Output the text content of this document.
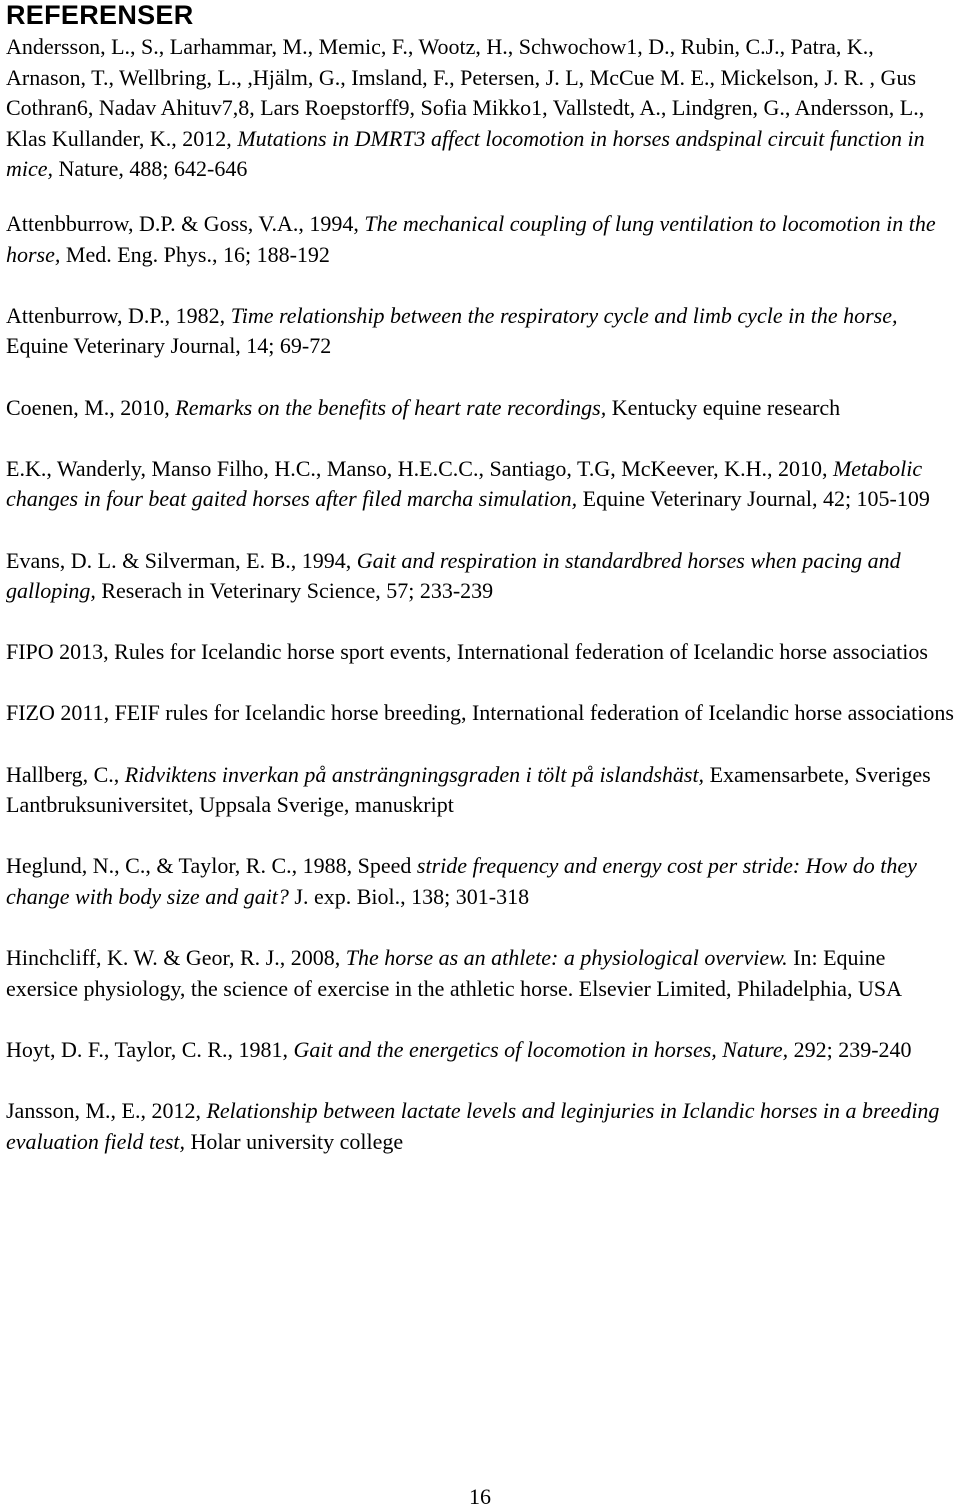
REFERENSER

Andersson, L., S., Larhammar, M., Memic, F., Wootz, H., Schwochow1, D., Rubin, C.J., Patra, K., Arnason, T., Wellbring, L., ,Hjälm, G., Imsland, F., Petersen, J. L, McCue M. E., Mickelson, J. R. , Gus Cothran6, Nadav Ahituv7,8, Lars Roepstorff9, Sofia Mikko1, Vallstedt, A., Lindgren, G., Andersson, L., Klas Kullander, K., 2012, Mutations in DMRT3 affect locomotion in horses andspinal circuit function in mice, Nature, 488; 642-646

Attenbburrow, D.P. & Goss, V.A., 1994, The mechanical coupling of lung ventilation to locomotion in the horse, Med. Eng. Phys., 16; 188-192

Attenburrow, D.P., 1982, Time relationship between the respiratory cycle and limb cycle in the horse, Equine Veterinary Journal, 14; 69-72

Coenen, M., 2010, Remarks on the benefits of heart rate recordings, Kentucky equine research

E.K., Wanderly, Manso Filho, H.C., Manso, H.E.C.C., Santiago, T.G, McKeever, K.H., 2010, Metabolic changes in four beat gaited horses after filed marcha simulation, Equine Veterinary Journal, 42; 105-109

Evans, D. L. & Silverman, E. B., 1994, Gait and respiration in standardbred horses when pacing and galloping, Reserach in Veterinary Science, 57; 233-239

FIPO 2013, Rules for Icelandic horse sport events, International federation of Icelandic horse associatios

FIZO 2011, FEIF rules for Icelandic horse breeding, International federation of Icelandic horse associations

Hallberg, C., Ridviktens inverkan på ansträngningsgraden i tölt på islandshäst, Examensarbete, Sveriges Lantbruksuniversitet, Uppsala Sverige, manuskript

Heglund, N., C., & Taylor, R. C., 1988, Speed stride frequency and energy cost per stride: How do they change with body size and gait? J. exp. Biol., 138; 301-318

Hinchcliff, K. W. & Geor, R. J., 2008, The horse as an athlete: a physiological overview. In: Equine exersice physiology, the science of exercise in the athletic horse. Elsevier Limited, Philadelphia, USA

Hoyt, D. F., Taylor, C. R., 1981, Gait and the energetics of locomotion in horses, Nature, 292; 239-240

Jansson, M., E., 2012, Relationship between lactate levels and leginjuries in Iclandic horses in a breeding evaluation field test, Holar university college

16
